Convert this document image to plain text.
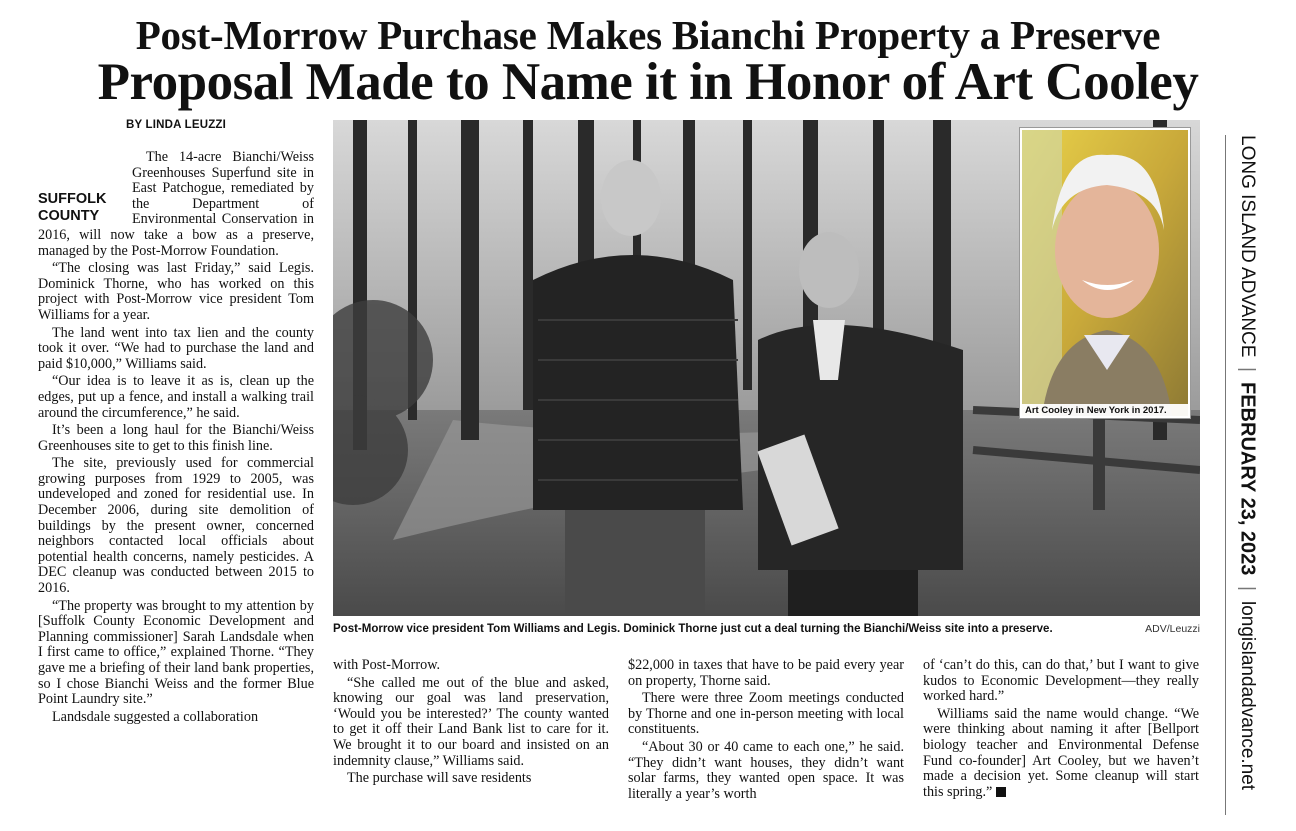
Post-Morrow Purchase Makes Bianchi Property a Preserve
Proposal Made to Name it in Honor of Art Cooley
BY LINDA LEUZZI

SUFFOLK COUNTY
The 14-acre Bianchi/Weiss Greenhouses Superfund site in East Patchogue, remediated by the Department of Environmental Conservation in 2016, will now take a bow as a preserve, managed by the Post-Morrow Foundation.

“The closing was last Friday,” said Legis. Dominick Thorne, who has worked on this project with Post-Morrow vice president Tom Williams for a year.

The land went into tax lien and the county took it over. “We had to purchase the land and paid $10,000,” Williams said.

“Our idea is to leave it as is, clean up the edges, put up a fence, and install a walking trail around the circumference,” he said.

It’s been a long haul for the Bianchi/Weiss Greenhouses site to get to this finish line.

The site, previously used for commercial growing purposes from 1929 to 2005, was undeveloped and zoned for residential use. In December 2006, during site demolition of buildings by the present owner, concerned neighbors contacted local officials about potential health concerns, namely pesticides. A DEC cleanup was conducted between 2015 to 2016.

“The property was brought to my attention by [Suffolk County Economic Development and Planning commissioner] Sarah Landsdale when I first came to office,” explained Thorne. “They gave me a briefing of their land bank properties, so I chose Bianchi Weiss and the former Blue Point Laundry site.”

Landsdale suggested a collaboration

Art Cooley in New York in 2017.
Post-Morrow vice president Tom Williams and Legis. Dominick Thorne just cut a deal turning the Bianchi/Weiss site into a preserve.	ADV/Leuzzi

with Post-Morrow.

“She called me out of the blue and asked, knowing our goal was land preservation, ‘Would you be interested?’ The county wanted to get it off their Land Bank list to care for it. We brought it to our board and insisted on an indemnity clause,” Williams said.

The purchase will save residents

$22,000 in taxes that have to be paid every year on property, Thorne said.

There were three Zoom meetings conducted by Thorne and one in-person meeting with local constituents.

“About 30 or 40 came to each one,” he said. “They didn’t want houses, they didn’t want solar farms, they wanted open space. It was literally a year’s worth

of ‘can’t do this, can do that,’ but I want to give kudos to Economic Development—they really worked hard.”

Williams said the name would change. “We were thinking about naming it after [Bellport biology teacher and Environmental Defense Fund co-founder] Art Cooley, but we haven’t made a decision yet. Some cleanup will start this spring.”

LONG ISLAND ADVANCE
|
FEBRUARY 23, 2023
|
longislandadvance.net
